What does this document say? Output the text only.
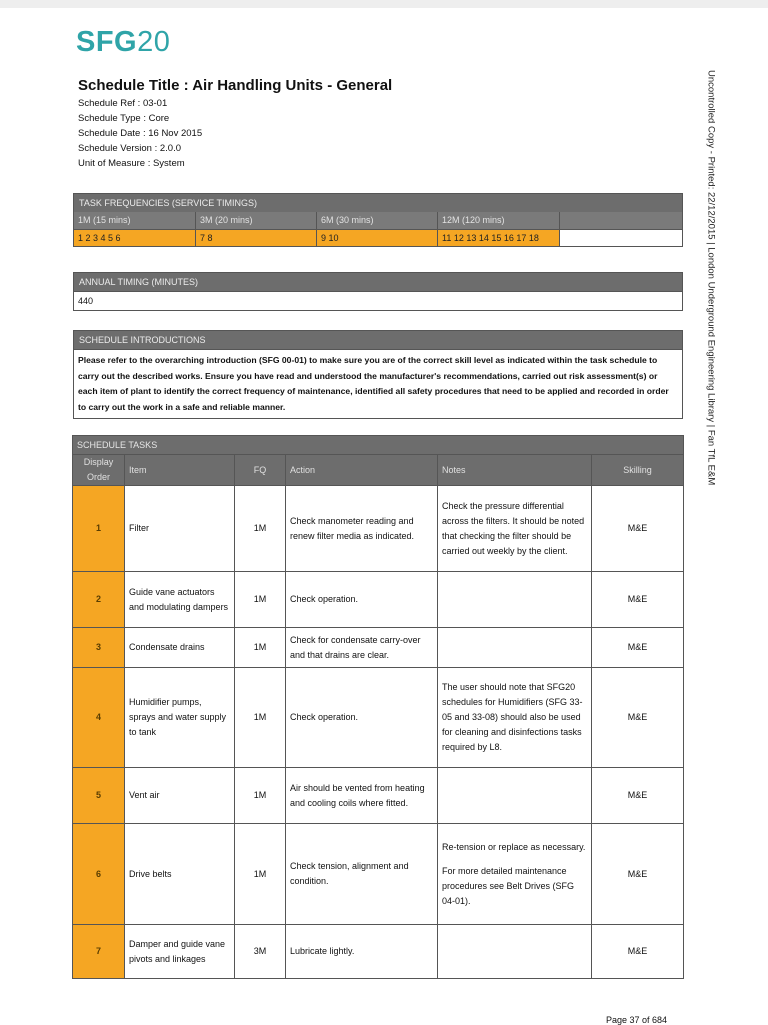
SFG20
Schedule Title : Air Handling Units - General
Schedule Ref : 03-01
Schedule Type : Core
Schedule Date : 16 Nov 2015
Schedule Version : 2.0.0
Unit of Measure : System	Uncontrolled Copy - Printed: 22/12/2015 | London Underground Engineering Library | Fan TfL E&M
TASK FREQUENCIES (SERVICE TIMINGS)
1M (15 mins)	3M (20 mins)	6M (30 mins)	12M (120 mins)
1 2 3 4 5 6	7 8	9 10	11 12 13 14 15 16 17 18
ANNUAL TIMING (MINUTES)
440
SCHEDULE INTRODUCTIONS
Please refer to the overarching introduction (SFG 00-01) to make sure you are of the correct skill level as indicated within the task schedule to carry out the described works. Ensure you have read and understood the manufacturer's recommendations, carried out risk assessment(s) or each item of plant to identify the correct frequency of maintenance, identified all safety procedures that need to be applied and recorded in order to carry out the work in a safe and reliable manner.
SCHEDULE TASKS					
Display Order	Item	FQ	Action	Notes	Skilling
1	Filter	1M	Check manometer reading and renew filter media as indicated.	Check the pressure differential across the filters. It should be noted that checking the filter should be carried out weekly by the client.	M&E
2	Guide vane actuators and modulating dampers	1M	Check operation.		M&E
3	Condensate drains	1M	Check for condensate carry-over and that drains are clear.		M&E
4	Humidifier pumps, sprays and water supply to tank	1M	Check operation.	The user should note that SFG20 schedules for Humidifiers (SFG 33-05 and 33-08) should also be used for cleaning and disinfections tasks required by L8.	M&E
5	Vent air	1M	Air should be vented from heating and cooling coils where fitted.		M&E
6	Drive belts	1M	Check tension, alignment and condition.	Re-tension or replace as necessary.
For more detailed maintenance procedures see Belt Drives (SFG 04-01).	M&E
7	Damper and guide vane pivots and linkages	3M	Lubricate lightly.		M&E
Page 37 of 684
